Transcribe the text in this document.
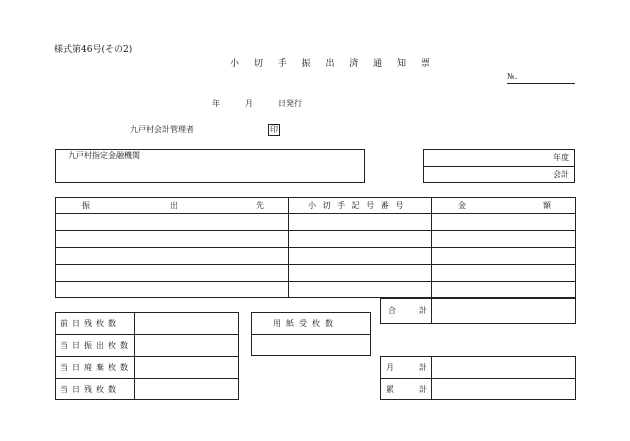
様式第46号(その2)
小 切 手 振 出 済 通 知 票
№.
年	月	日発行
九戸村会計管理者	印
九戸村指定金融機関	年度
会計
振	出	先	小 切 手 記 号 番 号	金	額
合	計
前日残枚数
当日振出枚数
当日廃棄枚数
当日残枚数
用紙受枚数
月	計
累	計
